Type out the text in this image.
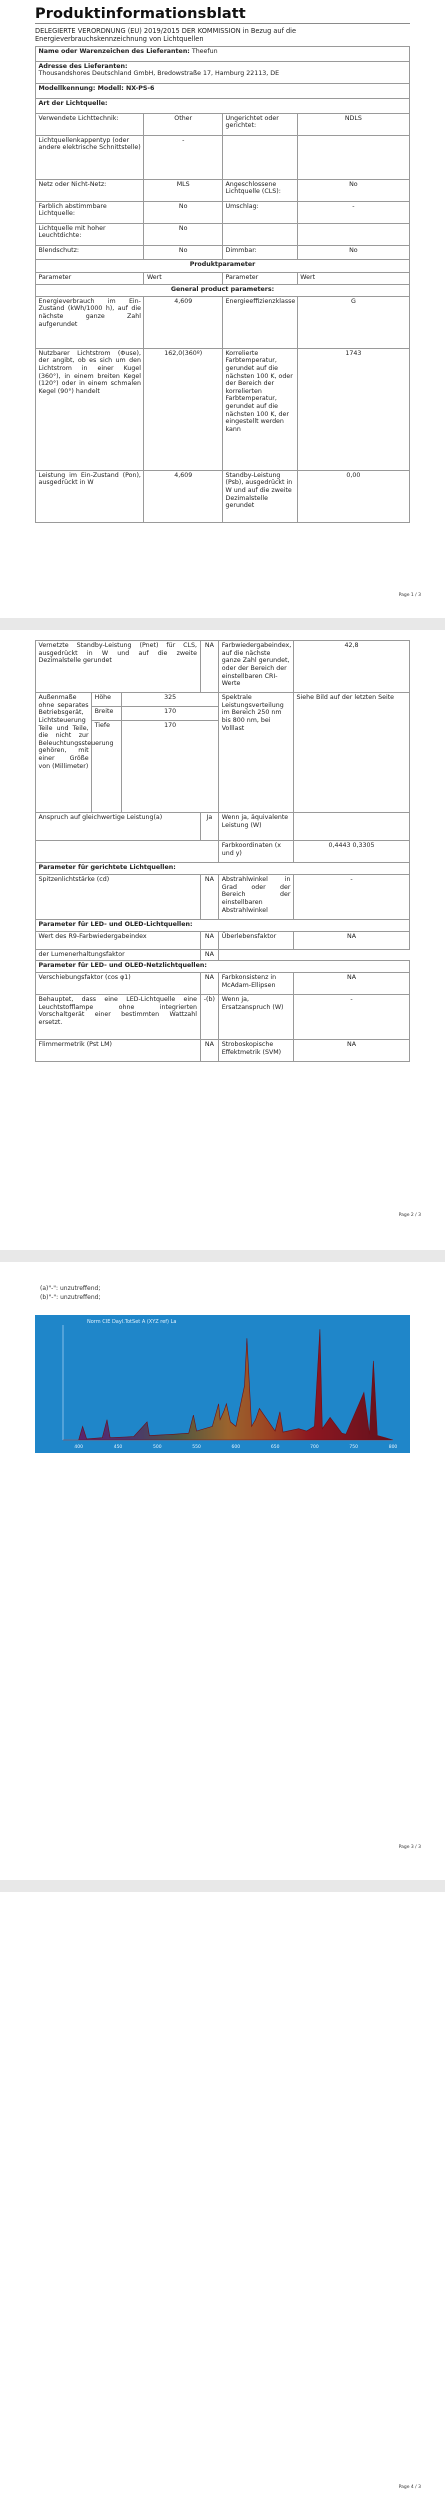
Produktinformationsblatt
DELEGIERTE VERORDNUNG (EU) 2019/2015 DER KOMMISSION in Bezug auf die Energieverbrauchskennzeichnung von Lichtquellen
Name oder Warenzeichen des Lieferanten: Theefun			
Adresse des Lieferanten:
Thousandshores Deutschland GmbH, Bredowstraße 17, Hamburg 22113, DE			
Modellkennung: Modell: NX-PS-6			
Art der Lichtquelle:			
Verwendete Lichttechnik:	Other	Ungerichtet oder gerichtet:	NDLS
Lichtquellenkappentyp (oder andere elektrische Schnittstelle)	-		
Netz oder Nicht-Netz:	MLS	Angeschlossene Lichtquelle (CLS):	No
Farblich abstimmbare Lichtquelle:	No	Umschlag:	-
Lichtquelle mit hoher Leuchtdichte:	No		
Blendschutz:	No	Dimmbar:	No
Produktparameter			
Parameter	Wert	Parameter	Wert
General product parameters:			
Energieverbrauch im Ein-Zustand (kWh/1000 h), auf die nächste ganze Zahl aufgerundet	4,609	Energieeffizienzklasse	G
Nutzbarer Lichtstrom (Φuse), der angibt, ob es sich um den Lichtstrom in einer Kugel (360°), in einem breiten Kegel (120°) oder in einem schmalen Kegel (90°) handelt	162,0(360º)	Korrelierte Farbtemperatur, gerundet auf die nächsten 100 K, oder der Bereich der korrelierten Farbtemperatur, gerundet auf die nächsten 100 K, der eingestellt werden kann	1743
Leistung im Ein-Zustand (Pon), ausgedrückt in W	4,609	Standby-Leistung (Psb), ausgedrückt in W und auf die zweite Dezimalstelle gerundet	0,00
Page 1 / 3
Vernetzte Standby-Leistung (Pnet) für CLS, ausgedrückt in W und auf die zweite Dezimalstelle gerundet			NA	Farbwiedergabeindex, auf die nächste ganze Zahl gerundet, oder der Bereich der einstellbaren CRI-Werte	42,8
Außenmaße ohne separates Betriebsgerät, Lichtsteuerung Teile und Teile, die nicht zur Beleuchtungssteuerung gehören, mit einer Größe von (Millimeter)	Höhe	325		Spektrale Leistungsverteilung im Bereich 250 nm bis 800 nm, bei Volllast	Siehe Bild auf der letzten Seite
	Breite	170			
	Tiefe	170			
Anspruch auf gleichwertige Leistung(a)			Ja	Wenn ja, äquivalente Leistung (W)	
				Farbkoordinaten (x und y)	0,4443 0,3305
Parameter für gerichtete Lichtquellen:					
Spitzenlichtstärke (cd)			NA	Abstrahlwinkel in Grad oder der Bereich der einstellbaren Abstrahlwinkel	-
Parameter für LED- und OLED-Lichtquellen:					
Wert des R9-Farbwiedergabeindex			NA	Überlebensfaktor	NA
der Lumenerhaltungsfaktor			NA		
Parameter für LED- und OLED-Netzlichtquellen:					
Verschiebungsfaktor (cos φ1)			NA	Farbkonsistenz in McAdam-Ellipsen	NA
Behauptet, dass eine LED-Lichtquelle eine Leuchtstofflampe ohne integrierten Vorschaltgerät einer bestimmten Wattzahl ersetzt.			-(b)	Wenn ja, Ersatzanspruch (W)	-
Flimmermetrik (Pst LM)			NA	Stroboskopische Effektmetrik (SVM)	NA
Page 2 / 3
(a)"-": unzutreffend;
(b)"-": unzutreffend;
Norm CIE Dayl.TotSet A (XYZ ref) La
400	450	500	550	600	650	700	750	800
Page 3 / 3
Page 4 / 3
